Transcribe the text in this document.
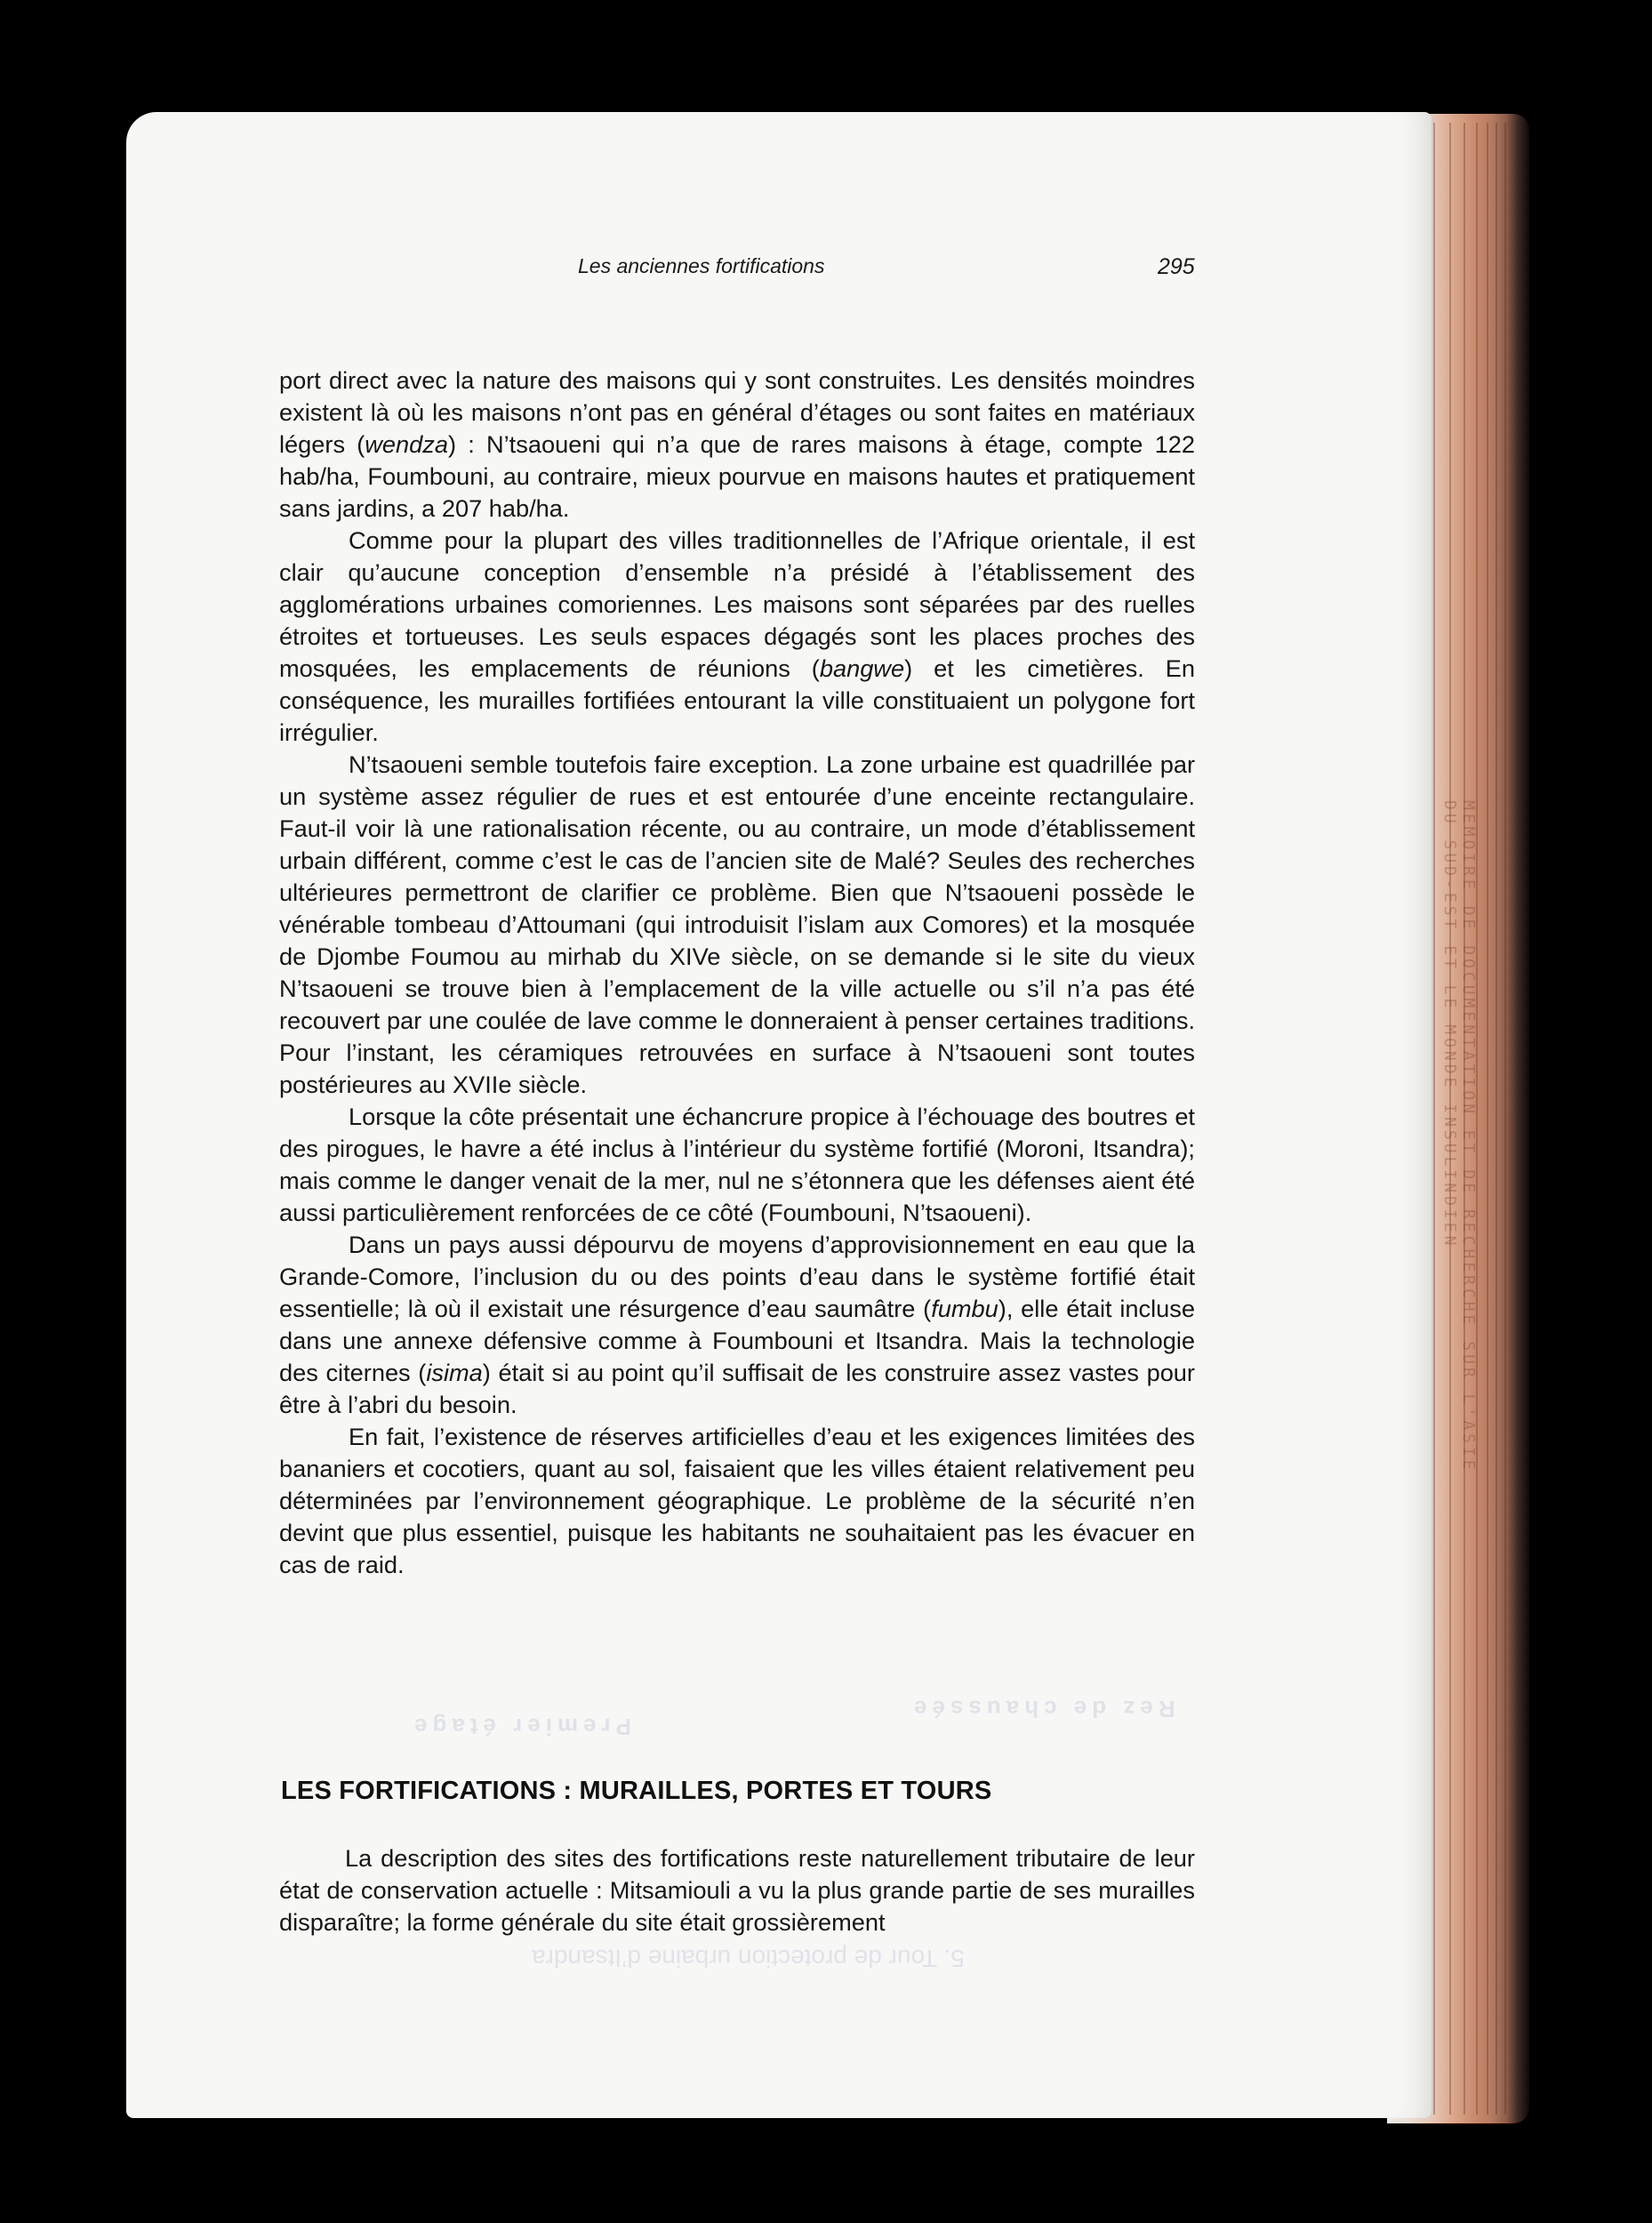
MEMOIRE DE DOCUMENTATION ET DE RECHERCHE SUR L'ASIE DU SUD-EST ET LE MONDE INSULINDIEN
Rez de chaussée
Premier étage
5. Tour de protection urbaine d’Itsandra
Les anciennes fortifications	295

port direct avec la nature des maisons qui y sont construites. Les densités moindres existent là où les maisons n’ont pas en général d’étages ou sont faites en matériaux légers (wendza) : N’tsaoueni qui n’a que de rares maisons à étage, compte 122 hab/ha, Foumbouni, au contraire, mieux pourvue en maisons hautes et pratiquement sans jardins, a 207 hab/ha.

Comme pour la plupart des villes traditionnelles de l’Afrique orientale, il est clair qu’aucune conception d’ensemble n’a présidé à l’établissement des agglomérations urbaines comoriennes. Les maisons sont séparées par des ruelles étroites et tortueuses. Les seuls espaces dégagés sont les places proches des mosquées, les emplacements de réunions (bangwe) et les cimetières. En conséquence, les murailles fortifiées entourant la ville constituaient un polygone fort irrégulier.

N’tsaoueni semble toutefois faire exception. La zone urbaine est quadrillée par un système assez régulier de rues et est entourée d’une enceinte rectangulaire. Faut-il voir là une rationalisation récente, ou au contraire, un mode d’établissement urbain différent, comme c’est le cas de l’ancien site de Malé? Seules des recherches ultérieures permettront de clarifier ce problème. Bien que N’tsaoueni possède le vénérable tombeau d’Attoumani (qui introduisit l’islam aux Comores) et la mosquée de Djombe Foumou au mirhab du XIVe siècle, on se demande si le site du vieux N’tsaoueni se trouve bien à l’emplacement de la ville actuelle ou s’il n’a pas été recouvert par une coulée de lave comme le donneraient à penser certaines traditions. Pour l’instant, les céramiques retrouvées en surface à N’tsaoueni sont toutes postérieures au XVIIe siècle.

Lorsque la côte présentait une échancrure propice à l’échouage des boutres et des pirogues, le havre a été inclus à l’intérieur du système fortifié (Moroni, Itsandra); mais comme le danger venait de la mer, nul ne s’étonnera que les défenses aient été aussi particulièrement renforcées de ce côté (Foumbouni, N’tsaoueni).

Dans un pays aussi dépourvu de moyens d’approvisionnement en eau que la Grande-Comore, l’inclusion du ou des points d’eau dans le système fortifié était essentielle; là où il existait une résurgence d’eau saumâtre (fumbu), elle était incluse dans une annexe défensive comme à Foumbouni et Itsandra. Mais la technologie des citernes (isima) était si au point qu’il suffisait de les construire assez vastes pour être à l’abri du besoin.

En fait, l’existence de réserves artificielles d’eau et les exigences limitées des bananiers et cocotiers, quant au sol, faisaient que les villes étaient relativement peu déterminées par l’environnement géographique. Le problème de la sécurité n’en devint que plus essentiel, puisque les habitants ne souhaitaient pas les évacuer en cas de raid.

LES FORTIFICATIONS : MURAILLES, PORTES ET TOURS

La description des sites des fortifications reste naturellement tributaire de leur état de conservation actuelle : Mitsamiouli a vu la plus grande partie de ses murailles disparaître; la forme générale du site était grossièrement
